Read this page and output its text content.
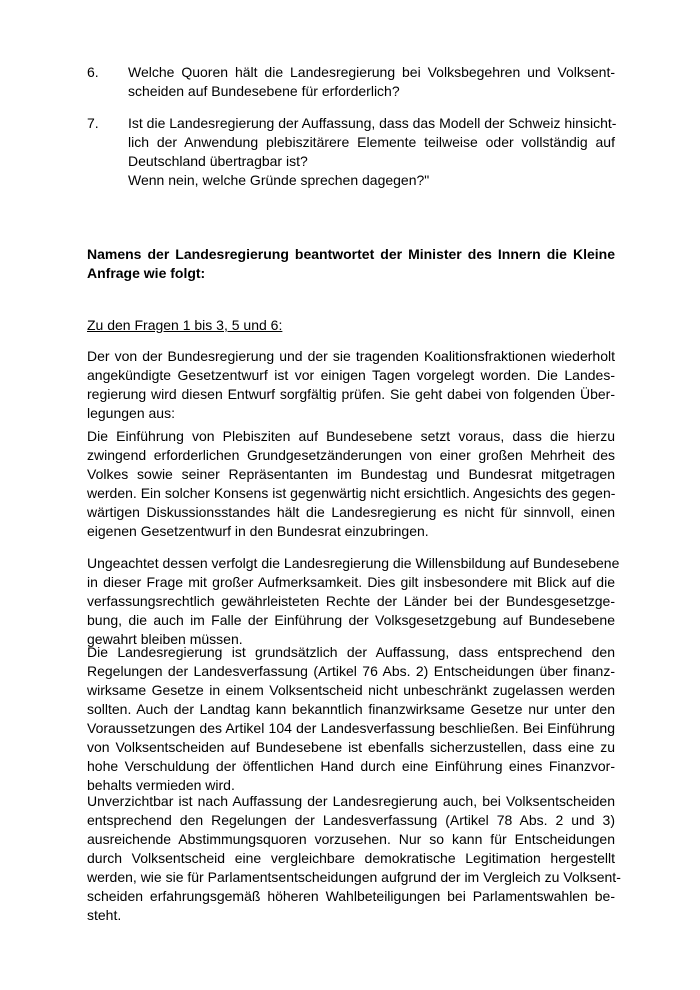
6. Welche Quoren hält die Landesregierung bei Volksbegehren und Volksent-
scheiden auf Bundesebene für erforderlich?
7. Ist die Landesregierung der Auffassung, dass das Modell der Schweiz hinsicht-
lich der Anwendung plebiszitärere Elemente teilweise oder vollständig auf
Deutschland übertragbar ist?
Wenn nein, welche Gründe sprechen dagegen?"
Namens der Landesregierung beantwortet der Minister des Innern die Kleine
Anfrage wie folgt:
Zu den Fragen 1 bis 3, 5 und 6:
Der von der Bundesregierung und der sie tragenden Koalitionsfraktionen wiederholt
angekündigte Gesetzentwurf ist vor einigen Tagen vorgelegt worden. Die Landes-
regierung wird diesen Entwurf sorgfältig prüfen. Sie geht dabei von folgenden Über-
legungen aus:
Die Einführung von Plebisziten auf Bundesebene setzt voraus, dass die hierzu
zwingend erforderlichen Grundgesetzänderungen von einer großen Mehrheit des
Volkes sowie seiner Repräsentanten im Bundestag und Bundesrat mitgetragen
werden. Ein solcher Konsens ist gegenwärtig nicht ersichtlich. Angesichts des gegen-
wärtigen Diskussionsstandes hält die Landesregierung es nicht für sinnvoll, einen
eigenen Gesetzentwurf in den Bundesrat einzubringen.
Ungeachtet dessen verfolgt die Landesregierung die Willensbildung auf Bundesebene
in dieser Frage mit großer Aufmerksamkeit. Dies gilt insbesondere mit Blick auf die
verfassungsrechtlich gewährleisteten Rechte der Länder bei der Bundesgesetzge-
bung, die auch im Falle der Einführung der Volksgesetzgebung auf Bundesebene
gewahrt bleiben müssen.
Die Landesregierung ist grundsätzlich der Auffassung, dass entsprechend den
Regelungen der Landesverfassung (Artikel 76 Abs. 2) Entscheidungen über finanz-
wirksame Gesetze in einem Volksentscheid nicht unbeschränkt zugelassen werden
sollten. Auch der Landtag kann bekanntlich finanzwirksame Gesetze nur unter den
Voraussetzungen des Artikel 104 der Landesverfassung beschließen. Bei Einführung
von Volksentscheiden auf Bundesebene ist ebenfalls sicherzustellen, dass eine zu
hohe Verschuldung der öffentlichen Hand durch eine Einführung eines Finanzvor-
behalts vermieden wird.
Unverzichtbar ist nach Auffassung der Landesregierung auch, bei Volksentscheiden
entsprechend den Regelungen der Landesverfassung (Artikel 78 Abs. 2 und 3)
ausreichende Abstimmungsquoren vorzusehen. Nur so kann für Entscheidungen
durch Volksentscheid eine vergleichbare demokratische Legitimation hergestellt
werden, wie sie für Parlamentsentscheidungen aufgrund der im Vergleich zu Volksent-
scheiden erfahrungsgemäß höheren Wahlbeteiligungen bei Parlamentswahlen be-
steht.
